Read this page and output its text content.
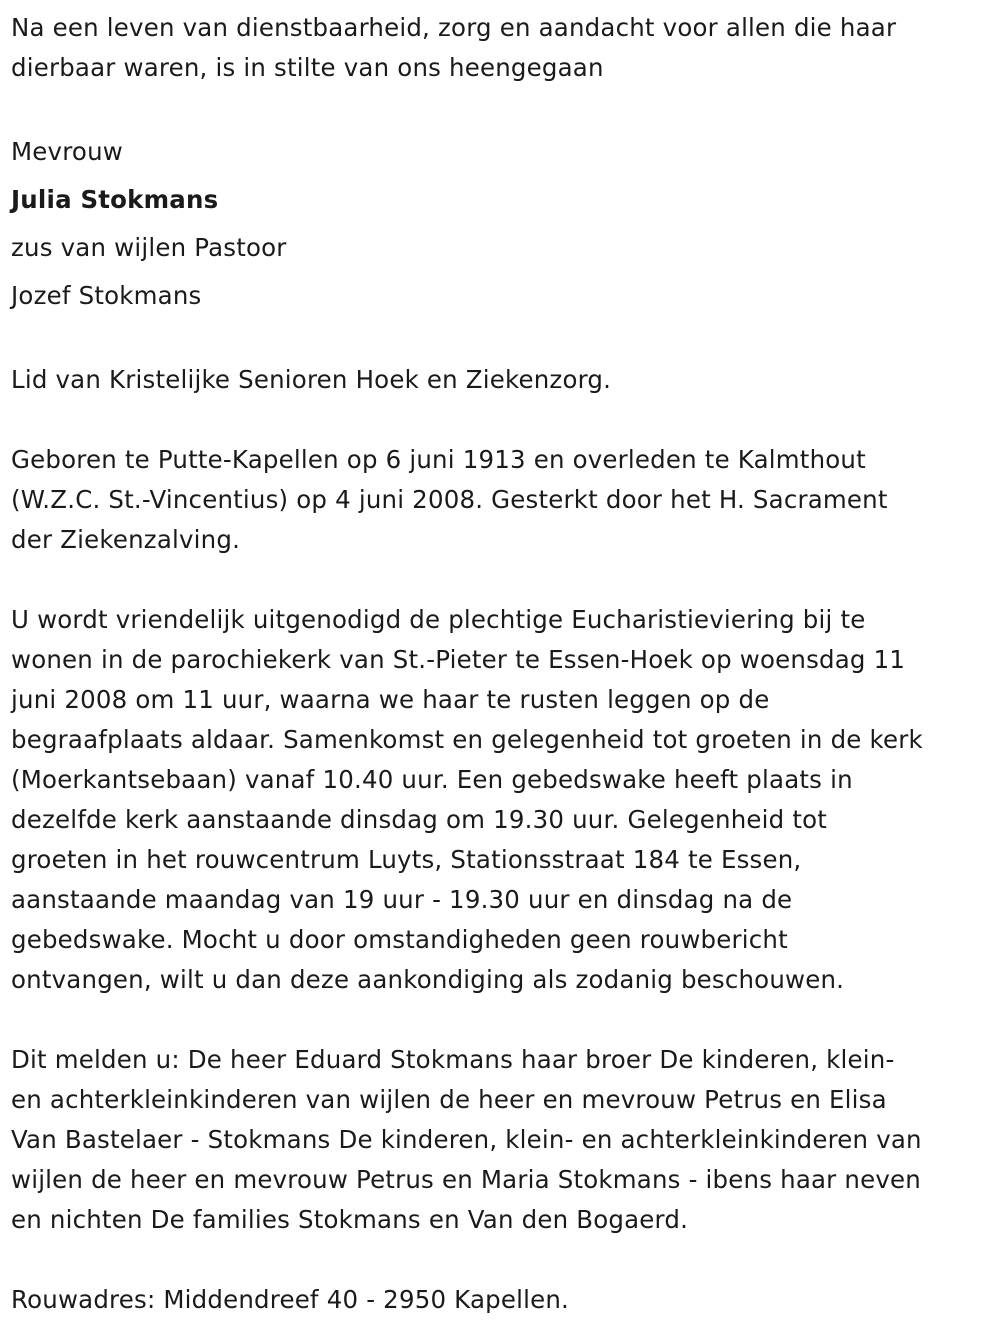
Na een leven van dienstbaarheid, zorg en aandacht voor allen die haar
dierbaar waren, is in stilte van ons heengegaan
Mevrouw
Julia Stokmans
zus van wijlen Pastoor
Jozef Stokmans
Lid van Kristelijke Senioren Hoek en Ziekenzorg.
Geboren te Putte-Kapellen op 6 juni 1913 en overleden te Kalmthout
(W.Z.C. St.-Vincentius) op 4 juni 2008. Gesterkt door het H. Sacrament
der Ziekenzalving.
U wordt vriendelijk uitgenodigd de plechtige Eucharistieviering bij te
wonen in de parochiekerk van St.-Pieter te Essen-Hoek op woensdag 11
juni 2008 om 11 uur, waarna we haar te rusten leggen op de
begraafplaats aldaar. Samenkomst en gelegenheid tot groeten in de kerk
(Moerkantsebaan) vanaf 10.40 uur. Een gebedswake heeft plaats in
dezelfde kerk aanstaande dinsdag om 19.30 uur. Gelegenheid tot
groeten in het rouwcentrum Luyts, Stationsstraat 184 te Essen,
aanstaande maandag van 19 uur - 19.30 uur en dinsdag na de
gebedswake. Mocht u door omstandigheden geen rouwbericht
ontvangen, wilt u dan deze aankondiging als zodanig beschouwen.
Dit melden u: De heer Eduard Stokmans haar broer De kinderen, klein-
en achterkleinkinderen van wijlen de heer en mevrouw Petrus en Elisa
Van Bastelaer - Stokmans De kinderen, klein- en achterkleinkinderen van
wijlen de heer en mevrouw Petrus en Maria Stokmans - ibens haar neven
en nichten De families Stokmans en Van den Bogaerd.
Rouwadres: Middendreef 40 - 2950 Kapellen.
